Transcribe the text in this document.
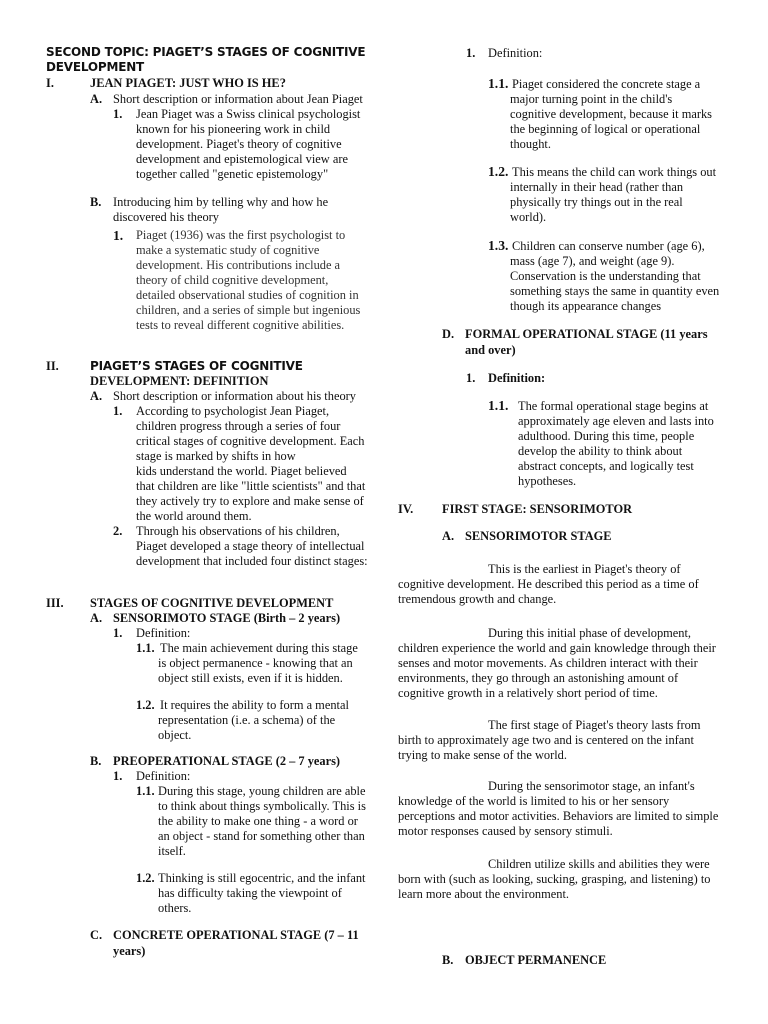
SECOND TOPIC: PIAGET’S STAGES OF COGNITIVE

DEVELOPMENT

I.	JEAN PIAGET: JUST WHO IS HE?

A. Short description or information about Jean Piaget

1. Jean Piaget was a Swiss clinical psychologist

known for his pioneering work in child

development. Piaget's theory of cognitive

development and epistemological view are

together called "genetic epistemology"

B. Introducing him by telling why and how he

discovered his theory

1. Piaget (1936) was the first psychologist to

make a systematic study of cognitive

development. His contributions include a

theory of child cognitive development,

detailed observational studies of cognition in

children, and a series of simple but ingenious

tests to reveal different cognitive abilities.

II.	PIAGET’S STAGES OF COGNITIVE

DEVELOPMENT: DEFINITION

A. Short description or information about his theory

1. According to psychologist Jean Piaget,

children progress through a series of four

critical stages of cognitive development. Each

stage is marked by shifts in how

kids understand the world. Piaget believed

that children are like "little scientists" and that

they actively try to explore and make sense of

the world around them.

2. Through his observations of his children,

Piaget developed a stage theory of intellectual

development that included four distinct stages:

III. STAGES OF COGNITIVE DEVELOPMENT

A. SENSORIMOTO STAGE (Birth – 2 years)

1. Definition:

1.1. The main achievement during this stage

is object permanence - knowing that an

object still exists, even if it is hidden.

1.2. It requires the ability to form a mental

representation (i.e. a schema) of the

object.

B. PREOPERATIONAL STAGE (2 – 7 years)

1. Definition:

1.1. During this stage, young children are able

to think about things symbolically. This is

the ability to make one thing - a word or

an object - stand for something other than

itself.

1.2. Thinking is still egocentric, and the infant

has difficulty taking the viewpoint of

others.

C. CONCRETE OPERATIONAL STAGE (7 – 11

years)

1. Definition:

1.1. Piaget considered the concrete stage a

major turning point in the child's

cognitive development, because it marks

the beginning of logical or operational

thought.

1.2. This means the child can work things out

internally in their head (rather than

physically try things out in the real

world).

1.3. Children can conserve number (age 6),

mass (age 7), and weight (age 9).

Conservation is the understanding that

something stays the same in quantity even

though its appearance changes

D. FORMAL OPERATIONAL STAGE (11 years

and over)

1. Definition:

1.1. The formal operational stage begins at

approximately age eleven and lasts into

adulthood. During this time, people

develop the ability to think about

abstract concepts, and logically test

hypotheses.

IV. FIRST STAGE: SENSORIMOTOR

A. SENSORIMOTOR STAGE

This is the earliest in Piaget's theory of

cognitive development. He described this period as a time of

tremendous growth and change.

During this initial phase of development,

children experience the world and gain knowledge through their

senses and motor movements. As children interact with their

environments, they go through an astonishing amount of

cognitive growth in a relatively short period of time.

The first stage of Piaget's theory lasts from

birth to approximately age two and is centered on the infant

trying to make sense of the world.

During the sensorimotor stage, an infant's

knowledge of the world is limited to his or her sensory

perceptions and motor activities. Behaviors are limited to simple

motor responses caused by sensory stimuli.

Children utilize skills and abilities they were

born with (such as looking, sucking, grasping, and listening) to

learn more about the environment.

B. OBJECT PERMANENCE
